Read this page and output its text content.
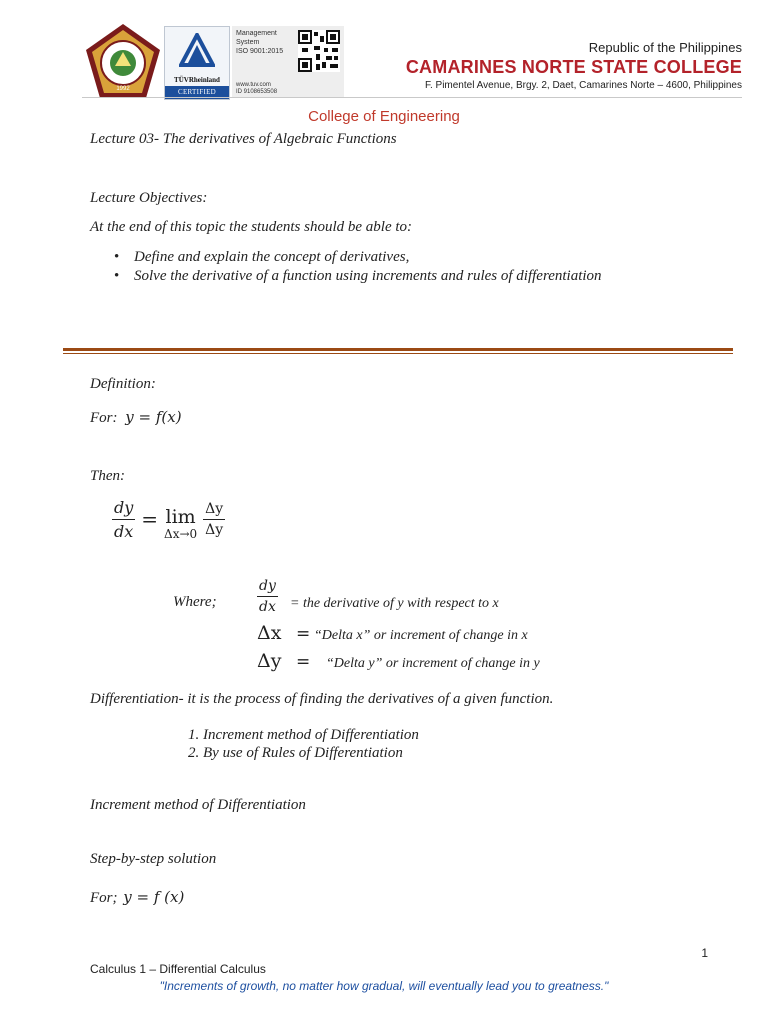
1992
TÜVRheinland
CERTIFIED
Management
System
ISO 9001:2015
www.tuv.com
ID 9108653508
Republic of the Philippines
CAMARINES NORTE STATE COLLEGE
F. Pimentel Avenue, Brgy. 2, Daet, Camarines Norte – 4600, Philippines
College of Engineering
Lecture 03- The derivatives of Algebraic Functions
Lecture Objectives:
At the end of this topic the students should be able to:
• Define and explain the concept of derivatives,
• Solve the derivative of a function using increments and rules of differentiation
Definition:
For: y = f(x)
Then:
$\frac{dy}{dx} = \lim$
$\Delta x\to 0 \frac{\Delta y}{\Delta y}$
Where;	$\frac{dy}{dx}$ = the derivative of y with respect to x
Δx = “Delta x” or increment of change in x
Δy = “Delta y” or increment of change in y
Differentiation- it is the process of finding the derivatives of a given function.
1. Increment method of Differentiation
2. By use of Rules of Differentiation
Increment method of Differentiation
Step-by-step solution
For; y = f (x)
1
Calculus 1 – Differential Calculus
"Increments of growth, no matter how gradual, will eventually lead you to greatness."
